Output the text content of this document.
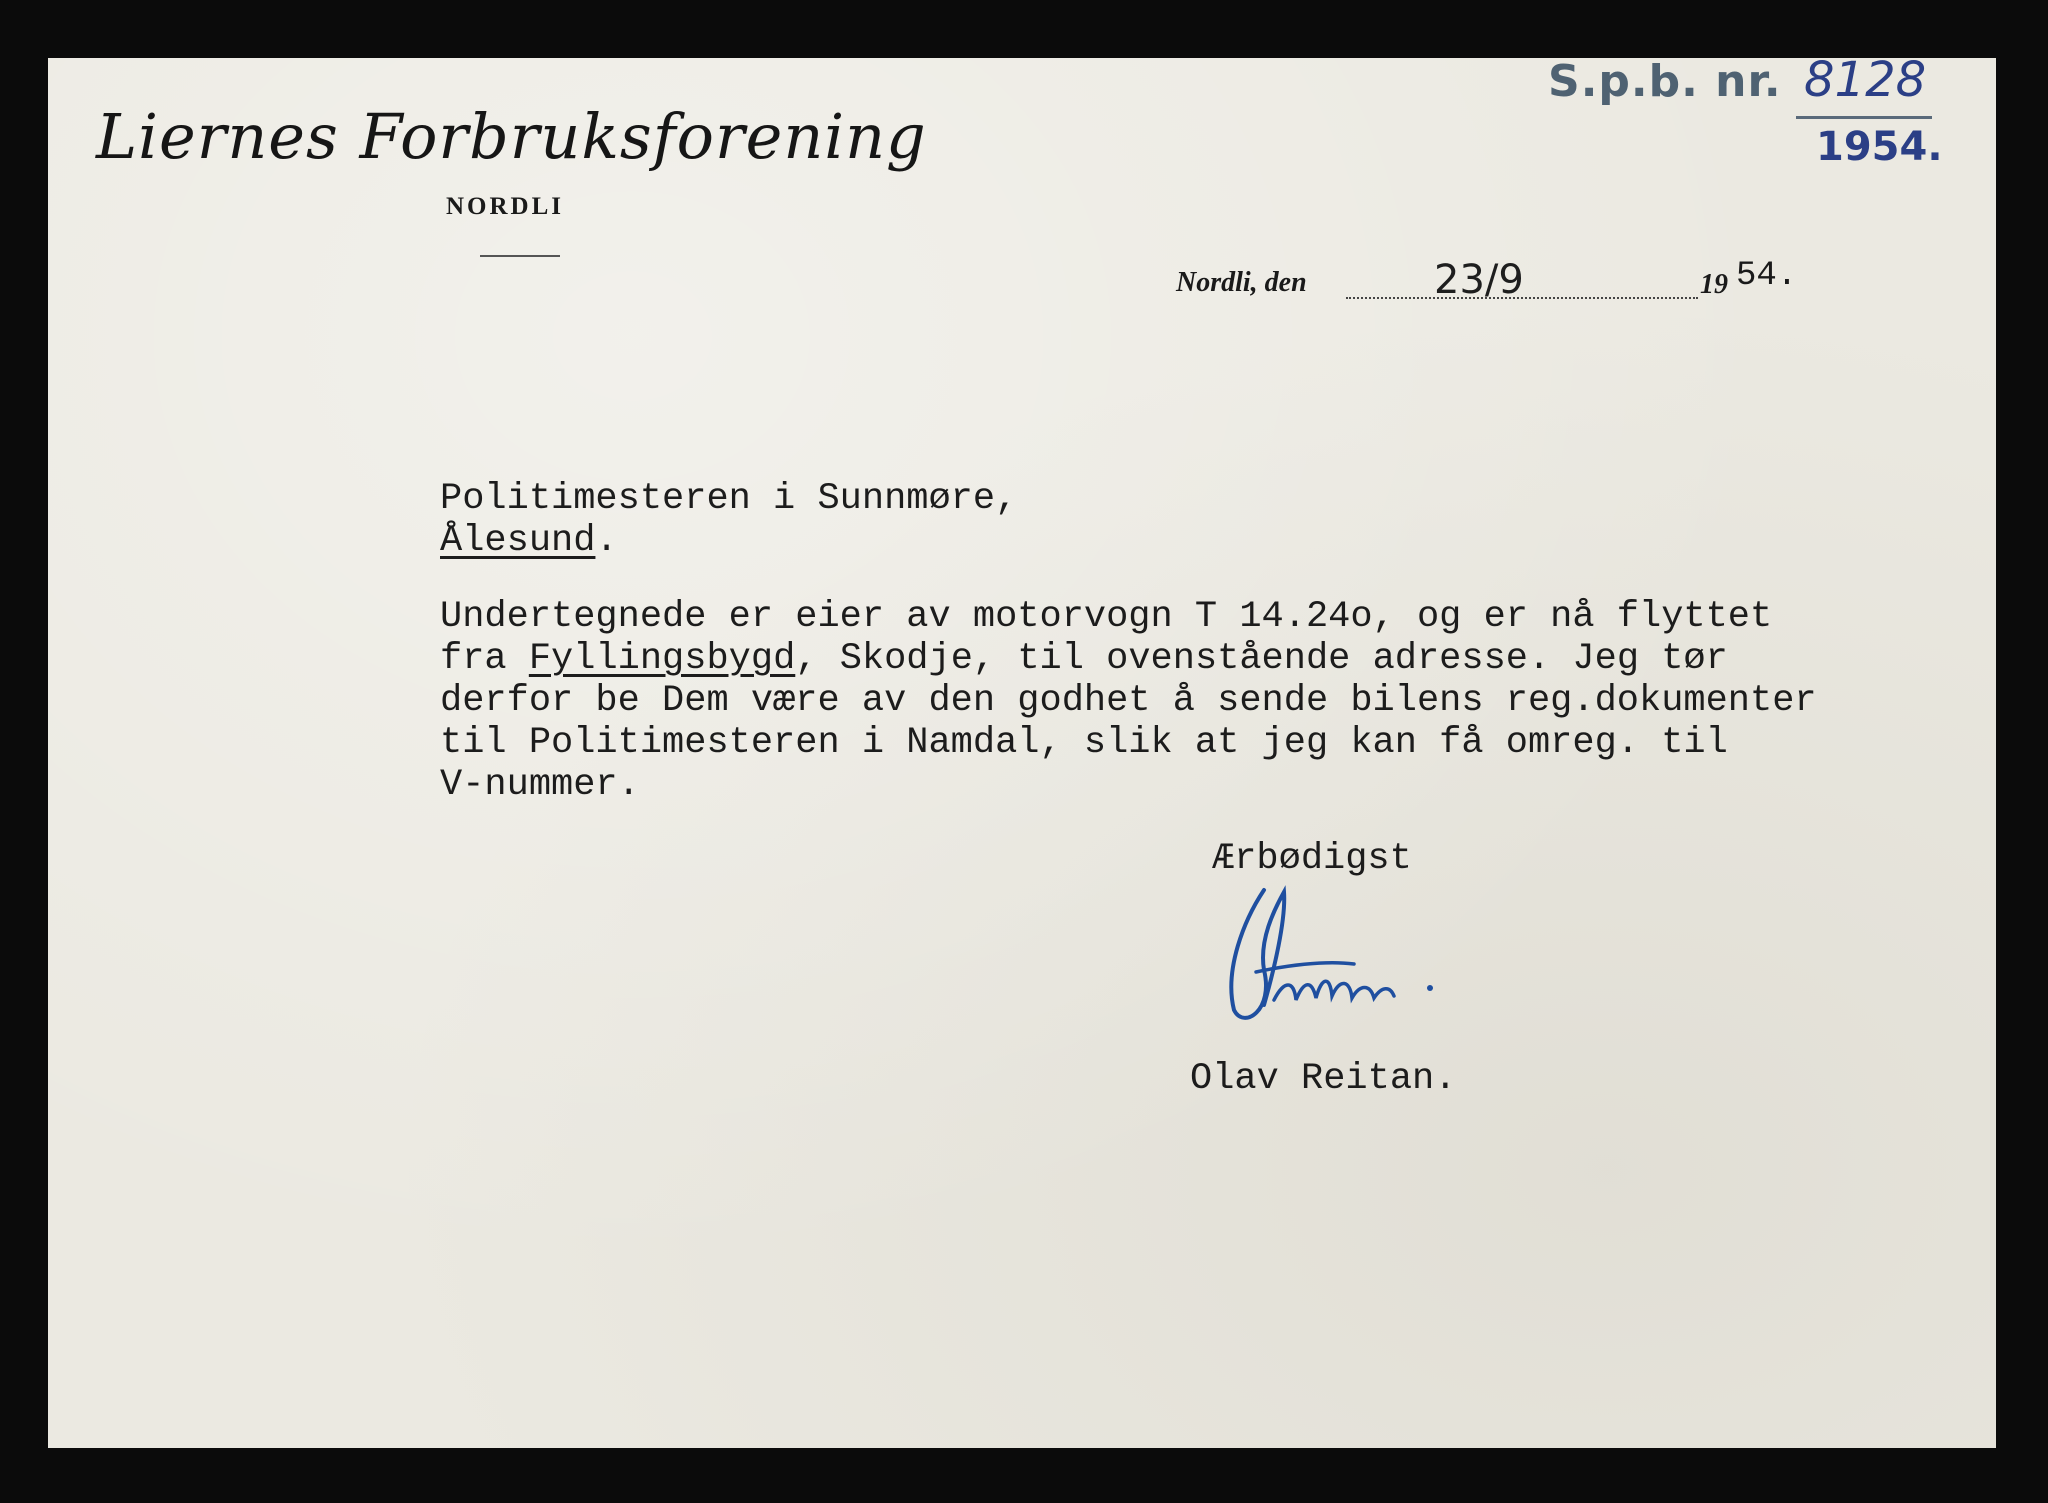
Liernes Forbruksforening
NORDLI
S.p.b. nr. 8128
1954.
Nordli, den	23/9	19 54.
Politimesteren i Sunnmøre,
Ålesund.
Undertegnede er eier av motorvogn T 14.24o, og er nå flyttet
fra Fyllingsbygd, Skodje, til ovenstående adresse. Jeg tør
derfor be Dem være av den godhet å sende bilens reg.dokumenter
til Politimesteren i Namdal, slik at jeg kan få omreg. til
V-nummer.
Ærbødigst
Olav Reitan.
